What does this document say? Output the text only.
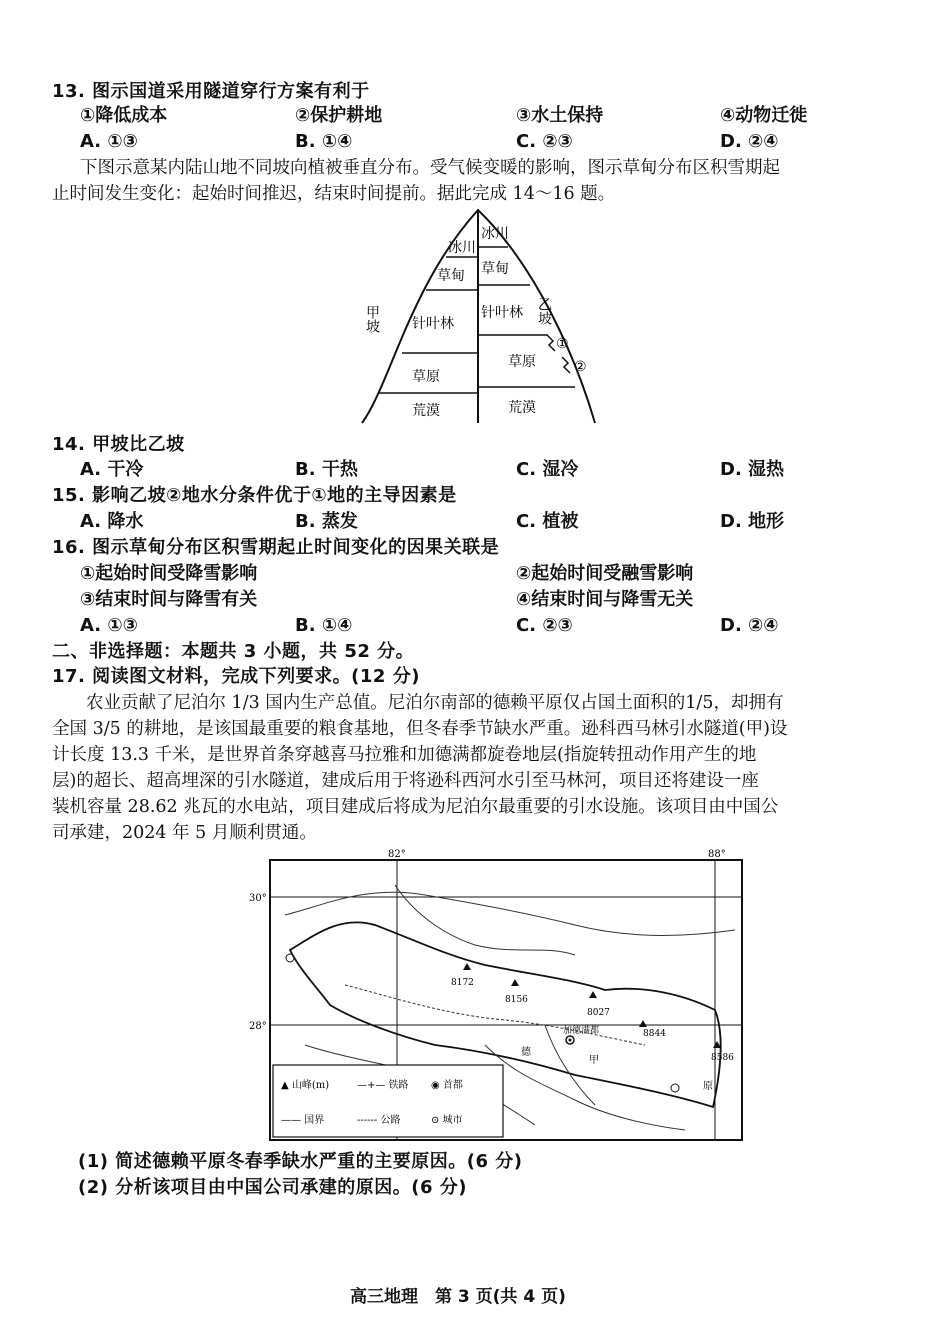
13. 图示国道采用隧道穿行方案有利于
①降低成本	②保护耕地	③水土保持	④动物迁徙
A. ①③	B. ①④	C. ②③	D. ②④
下图示意某内陆山地不同坡向植被垂直分布。受气候变暖的影响，图示草甸分布区积雪期起
止时间发生变化：起始时间推迟，结束时间提前。据此完成 14～16 题。
冰川
草甸
针叶林
草原
荒漠
冰川
草甸
针叶林
草原
荒漠
甲坡	乙坡
①
②
14. 甲坡比乙坡
A. 干冷	B. 干热	C. 湿冷	D. 湿热
15. 影响乙坡②地水分条件优于①地的主导因素是
A. 降水	B. 蒸发	C. 植被	D. 地形
16. 图示草甸分布区积雪期起止时间变化的因果关联是
①起始时间受降雪影响	②起始时间受融雪影响
③结束时间与降雪有关	④结束时间与降雪无关
A. ①③	B. ①④	C. ②③	D. ②④
二、非选择题：本题共 3 小题，共 52 分。
17. 阅读图文材料，完成下列要求。(12 分)
农业贡献了尼泊尔 1/3 国内生产总值。尼泊尔南部的德赖平原仅占国土面积的1/5，却拥有
全国 3/5 的耕地，是该国最重要的粮食基地，但冬春季节缺水严重。逊科西马林引水隧道(甲)设
计长度 13.3 千米，是世界首条穿越喜马拉雅和加德满都旋卷地层(指旋转扭动作用产生的地
层)的超长、超高埋深的引水隧道，建成后用于将逊科西河水引至马林河，项目还将建设一座
装机容量 28.62 兆瓦的水电站，项目建成后将成为尼泊尔最重要的引水设施。该项目由中国公
司承建，2024 年 5 月顺利贯通。
82°	88°
30°
28°
8172
8156
8027
8844
8586
加德满都
甲
德
原
▲ 山峰(m)	—+— 铁路 ◉ 首都
—— 国界	------ 公路	⊙ 城市
(1) 简述德赖平原冬春季缺水严重的主要原因。(6 分)
(2) 分析该项目由中国公司承建的原因。(6 分)
高三地理　第 3 页(共 4 页)
